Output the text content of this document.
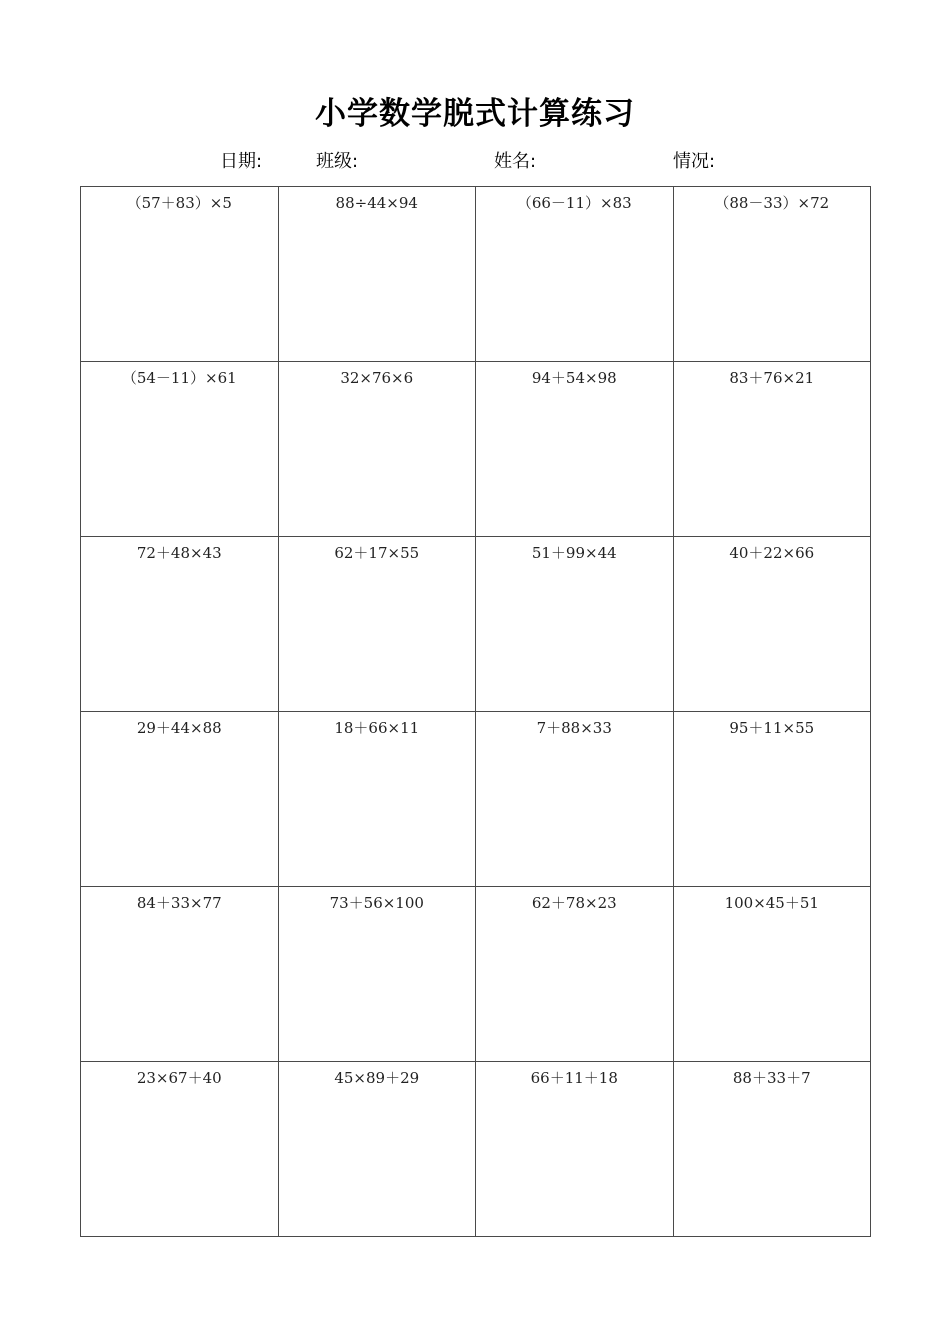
小学数学脱式计算练习
日期:	班级:	姓名:	情况:
（57＋83）×5	88÷44×94	（66－11）×83	（88－33）×72
（54－11）×61	32×76×6	94＋54×98	83＋76×21
72＋48×43	62＋17×55	51＋99×44	40＋22×66
29＋44×88	18＋66×11	7＋88×33	95＋11×55
84＋33×77	73＋56×100	62＋78×23	100×45＋51
23×67＋40	45×89＋29	66＋11＋18	88＋33＋7
